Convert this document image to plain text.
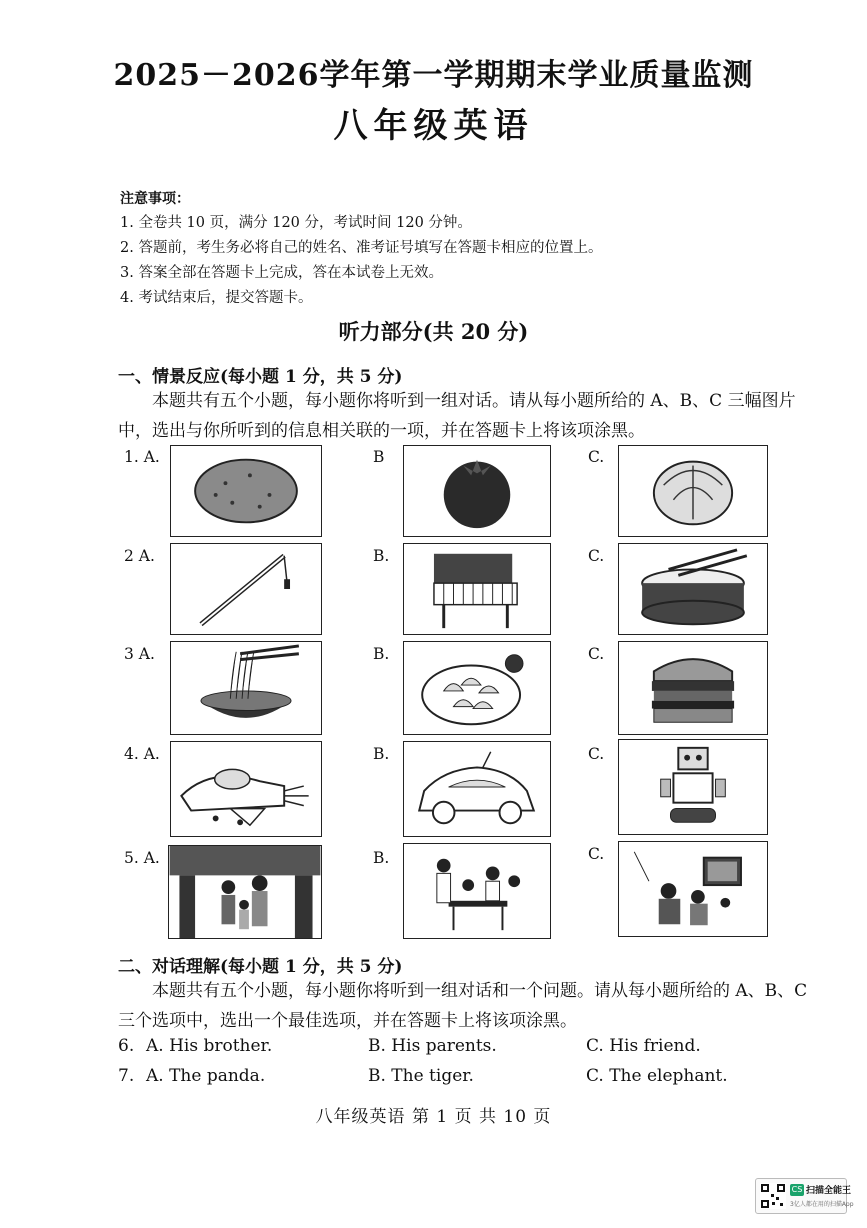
2025－2026学年第一学期期末学业质量监测
八年级英语
注意事项：
1. 全卷共 10 页，满分 120 分，考试时间 120 分钟。
2. 答题前，考生务必将自己的姓名、准考证号填写在答题卡相应的位置上。
3. 答案全部在答题卡上完成，答在本试卷上无效。
4. 考试结束后，提交答题卡。
听力部分(共 20 分)
一、情景反应(每小题 1 分，共 5 分)
本题共有五个小题，每小题你将听到一组对话。请从每小题所给的 A、B、C 三幅图片
中，选出与你所听到的信息相关联的一项，并在答题卡上将该项涂黑。
1. A.	B	C.
2 A.	B.	C.
3 A.	B.	C.
4. A.	B.	C.
5. A.	B.	C.
二、对话理解(每小题 1 分，共 5 分)
本题共有五个小题，每小题你将听到一组对话和一个问题。请从每小题所给的 A、B、C
三个选项中，选出一个最佳选项，并在答题卡上将该项涂黑。
6. A. His brother.	B. His parents.	C. His friend.
7. A. The panda.	B. The tiger.	C. The elephant.
八年级英语 第 1 页 共 10 页
CS 扫描全能王
3亿人都在用的扫描App
